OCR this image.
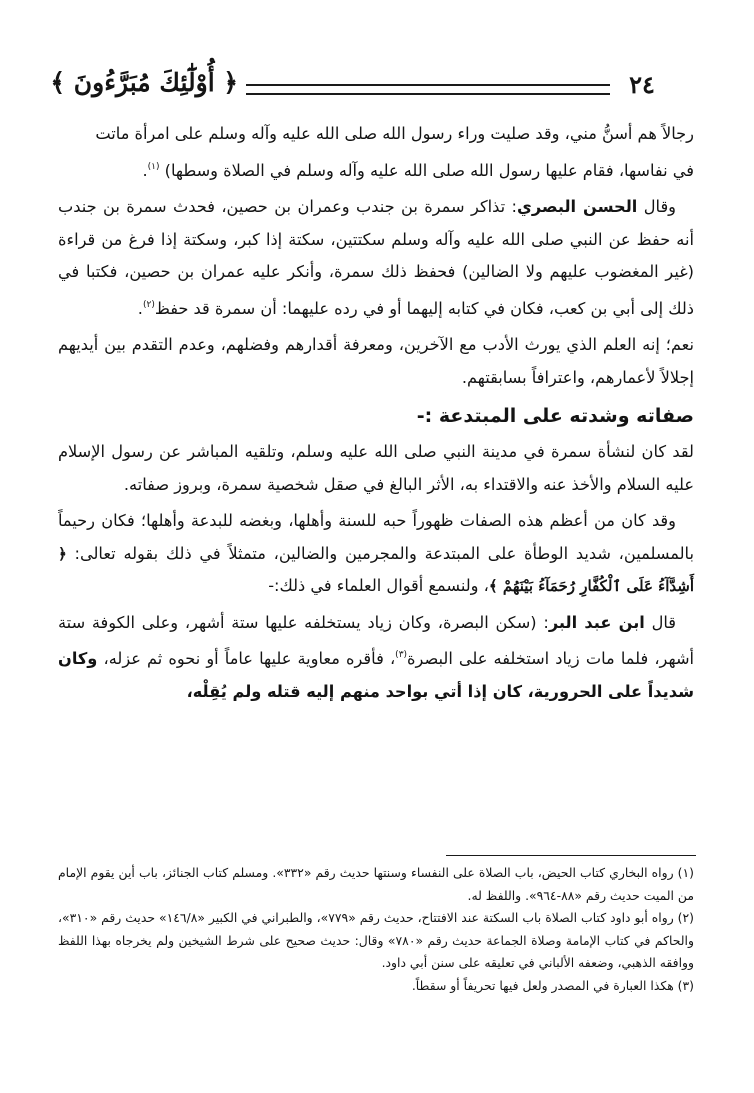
﴿ أُوْلَٰٓئِكَ مُبَرَّءُونَ ﴾	٢٤

رجالاً هم أسنُّ مني، وقد صليت وراء رسول الله صلى الله عليه وآله وسلم على امرأة ماتت

في نفاسها، فقام عليها رسول الله صلى الله عليه وآله وسلم في الصلاة وسطها) $^{(١)}$.

وقال الحسن البصري: تذاكر سمرة بن جندب وعمران بن حصين، فحدث سمرة بن جندب أنه حفظ عن النبي صلى الله عليه وآله وسلم سكتتين، سكتة إذا كبر، وسكتة إذا فرغ من قراءة (غير المغضوب عليهم ولا الضالين) فحفظ ذلك سمرة، وأنكر عليه عمران بن حصين، فكتبا في ذلك إلى أبي بن كعب، فكان في كتابه إليهما أو في رده عليهما: أن سمرة قد حفظ$^{(٢)}$.

نعم؛ إنه العلم الذي يورث الأدب مع الآخرين، ومعرفة أقدارهم وفضلهم، وعدم التقدم بين أيديهم إجلالاً لأعمارهم، واعترافاً بسابقتهم.

صفاته وشدته على المبتدعة :-

لقد كان لنشأة سمرة في مدينة النبي صلى الله عليه وسلم، وتلقيه المباشر عن رسول الإسلام عليه السلام والأخذ عنه والاقتداء به، الأثر البالغ في صقل شخصية سمرة، وبروز صفاته.

وقد كان من أعظم هذه الصفات ظهوراً حبه للسنة وأهلها، وبغضه للبدعة وأهلها؛ فكان رحيماً بالمسلمين، شديد الوطأة على المبتدعة والمجرمين والضالين، متمثلاً في ذلك بقوله تعالى: ﴿ أَشِدَّآءُ عَلَى ٱلْكُفَّارِ رُحَمَآءُ بَيْنَهُمْ ﴾، ولنسمع أقوال العلماء في ذلك:-

قال ابن عبد البر: (سكن البصرة، وكان زياد يستخلفه عليها ستة أشهر، وعلى الكوفة ستة أشهر، فلما مات زياد استخلفه على البصرة$^{(٣)}$، فأقره معاوية عليها عاماً أو نحوه ثم عزله، وكان شديداً على الحرورية، كان إذا أتي بواحد منهم إليه قتله ولم يُقِلْه،

(١) رواه البخاري كتاب الحيض، باب الصلاة على النفساء وسنتها حديث رقم «٣٣٢». ومسلم كتاب الجنائز، باب أين يقوم الإمام من الميت حديث رقم «٨٨-٩٦٤». واللفظ له.

(٢) رواه أبو داود كتاب الصلاة باب السكتة عند الافتتاح، حديث رقم «٧٧٩»، والطبراني في الكبير «١٤٦/٨» حديث رقم «٣١٠»، والحاكم في كتاب الإمامة وصلاة الجماعة حديث رقم «٧٨٠» وقال: حديث صحيح على شرط الشيخين ولم يخرجاه بهذا اللفظ ووافقه الذهبي، وضعفه الألباني في تعليقه على سنن أبي داود.

(٣) هكذا العبارة في المصدر ولعل فيها تحريفاً أو سقطاً.
